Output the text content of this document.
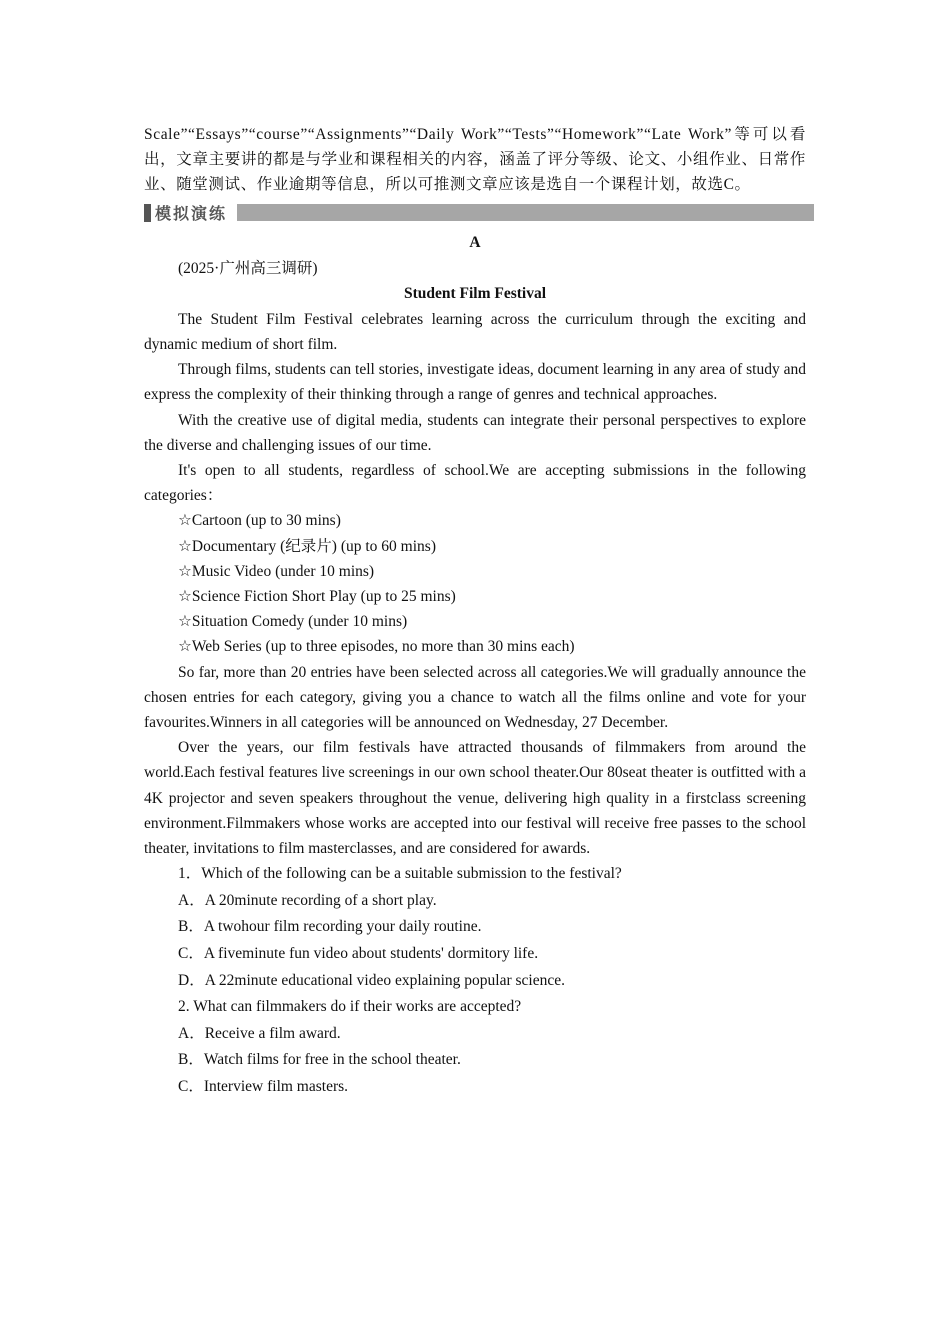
Scale”“Essays”“course”“Assignments”“Daily Work”“Tests”“Homework”“Late Work”等可以看出，文章主要讲的都是与学业和课程相关的内容，涵盖了评分等级、论文、小组作业、日常作业、随堂测试、作业逾期等信息，所以可推测文章应该是选自一个课程计划，故选C。

模拟演练

A

(2025·广州高三调研)

Student Film Festival

The Student Film Festival celebrates learning across the curriculum through the exciting and dynamic medium of short film.

Through films, students can tell stories, investigate ideas, document learning in any area of study and express the complexity of their thinking through a range of genres and technical approaches.

With the creative use of digital media, students can integrate their personal perspectives to explore the diverse and challenging issues of our time.

It's open to all students, regardless of school.We are accepting submissions in the following categories：

☆Cartoon (up to 30 mins)

☆Documentary (纪录片) (up to 60 mins)

☆Music Video (under 10 mins)

☆Science Fiction Short Play (up to 25 mins)

☆Situation Comedy (under 10 mins)

☆Web Series (up to three episodes, no more than 30 mins each)

So far, more than 20 entries have been selected across all categories.We will gradually announce the chosen entries for each category, giving you a chance to watch all the films online and vote for your favourites.Winners in all categories will be announced on Wednesday, 27 December.

Over the years, our film festivals have attracted thousands of filmmakers from around the world.Each festival features live screenings in our own school theater.Our 80seat theater is outfitted with a 4K projector and seven speakers throughout the venue, delivering high quality in a firstclass screening environment.Filmmakers whose works are accepted into our festival will receive free passes to the school theater, invitations to film masterclasses, and are considered for awards.

1．Which of the following can be a suitable submission to the festival?

A．A 20minute recording of a short play.

B．A twohour film recording your daily routine.

C．A fiveminute fun video about students' dormitory life.

D．A 22minute educational video explaining popular science.

2. What can filmmakers do if their works are accepted?

A．Receive a film award.

B．Watch films for free in the school theater.

C．Interview film masters.
